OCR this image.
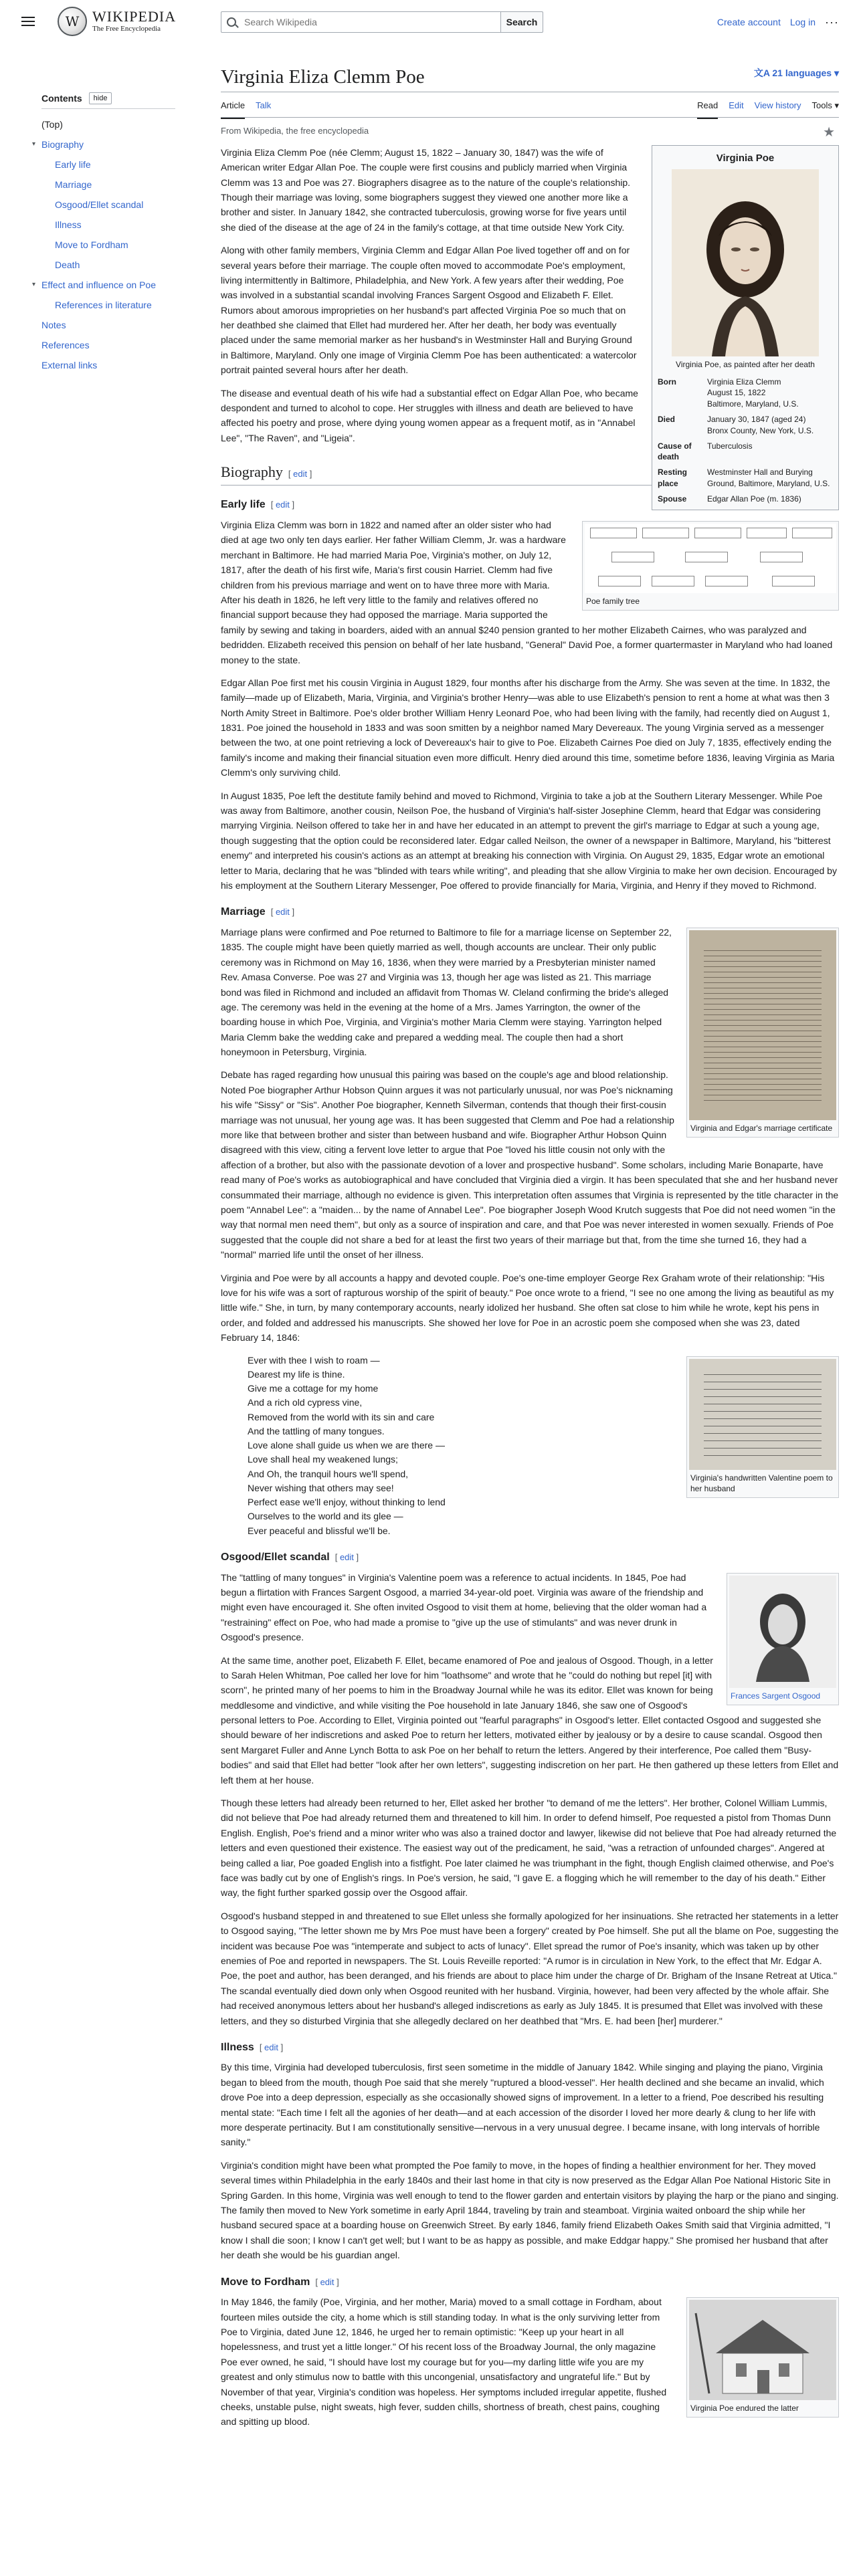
W WIKIPEDIA
The Free Encyclopedia
Search Wikipedia
Search	Create account Log in ···
Contents	hide
(Top)
▾ Biography
Early life
Marriage
Osgood/Ellet scandal
Illness
Move to Fordham
Death
▾ Effect and influence on Poe
References in literature
Notes
References
External links
Virginia Eliza Clemm Poe	文A 21 languages ▾
Article Talk	Read Edit View history Tools ▾
From Wikipedia, the free encyclopedia	★
Virginia Poe
Virginia Poe, as painted after her death
Born	Virginia Eliza Clemm
August 15, 1822
Baltimore, Maryland, U.S.
Died	January 30, 1847 (aged 24)
Bronx County, New York, U.S.
Cause of death	Tuberculosis
Resting place	Westminster Hall and Burying Ground, Baltimore, Maryland, U.S.
Spouse	Edgar Allan Poe (m. 1836)

Virginia Eliza Clemm Poe (née Clemm; August 15, 1822 – January 30, 1847) was the wife of American writer Edgar Allan Poe. The couple were first cousins and publicly married when Virginia Clemm was 13 and Poe was 27. Biographers disagree as to the nature of the couple's relationship. Though their marriage was loving, some biographers suggest they viewed one another more like a brother and sister. In January 1842, she contracted tuberculosis, growing worse for five years until she died of the disease at the age of 24 in the family's cottage, at that time outside New York City.

Along with other family members, Virginia Clemm and Edgar Allan Poe lived together off and on for several years before their marriage. The couple often moved to accommodate Poe's employment, living intermittently in Baltimore, Philadelphia, and New York. A few years after their wedding, Poe was involved in a substantial scandal involving Frances Sargent Osgood and Elizabeth F. Ellet. Rumors about amorous improprieties on her husband's part affected Virginia Poe so much that on her deathbed she claimed that Ellet had murdered her. After her death, her body was eventually placed under the same memorial marker as her husband's in Westminster Hall and Burying Ground in Baltimore, Maryland. Only one image of Virginia Clemm Poe has been authenticated: a watercolor portrait painted several hours after her death.

The disease and eventual death of his wife had a substantial effect on Edgar Allan Poe, who became despondent and turned to alcohol to cope. Her struggles with illness and death are believed to have affected his poetry and prose, where dying young women appear as a frequent motif, as in "Annabel Lee", "The Raven", and "Ligeia".

Biography [ edit ]
Early life [ edit ]
Poe family tree

Virginia Eliza Clemm was born in 1822 and named after an older sister who had died at age two only ten days earlier. Her father William Clemm, Jr. was a hardware merchant in Baltimore. He had married Maria Poe, Virginia's mother, on July 12, 1817, after the death of his first wife, Maria's first cousin Harriet. Clemm had five children from his previous marriage and went on to have three more with Maria. After his death in 1826, he left very little to the family and relatives offered no financial support because they had opposed the marriage. Maria supported the family by sewing and taking in boarders, aided with an annual $240 pension granted to her mother Elizabeth Cairnes, who was paralyzed and bedridden. Elizabeth received this pension on behalf of her late husband, "General" David Poe, a former quartermaster in Maryland who had loaned money to the state.

Edgar Allan Poe first met his cousin Virginia in August 1829, four months after his discharge from the Army. She was seven at the time. In 1832, the family—made up of Elizabeth, Maria, Virginia, and Virginia's brother Henry—was able to use Elizabeth's pension to rent a home at what was then 3 North Amity Street in Baltimore. Poe's older brother William Henry Leonard Poe, who had been living with the family, had recently died on August 1, 1831. Poe joined the household in 1833 and was soon smitten by a neighbor named Mary Devereaux. The young Virginia served as a messenger between the two, at one point retrieving a lock of Devereaux's hair to give to Poe. Elizabeth Cairnes Poe died on July 7, 1835, effectively ending the family's income and making their financial situation even more difficult. Henry died around this time, sometime before 1836, leaving Virginia as Maria Clemm's only surviving child.

In August 1835, Poe left the destitute family behind and moved to Richmond, Virginia to take a job at the Southern Literary Messenger. While Poe was away from Baltimore, another cousin, Neilson Poe, the husband of Virginia's half-sister Josephine Clemm, heard that Edgar was considering marrying Virginia. Neilson offered to take her in and have her educated in an attempt to prevent the girl's marriage to Edgar at such a young age, though suggesting that the option could be reconsidered later. Edgar called Neilson, the owner of a newspaper in Baltimore, Maryland, his "bitterest enemy" and interpreted his cousin's actions as an attempt at breaking his connection with Virginia. On August 29, 1835, Edgar wrote an emotional letter to Maria, declaring that he was "blinded with tears while writing", and pleading that she allow Virginia to make her own decision. Encouraged by his employment at the Southern Literary Messenger, Poe offered to provide financially for Maria, Virginia, and Henry if they moved to Richmond.

Marriage [ edit ]
Virginia and Edgar's marriage certificate

Marriage plans were confirmed and Poe returned to Baltimore to file for a marriage license on September 22, 1835. The couple might have been quietly married as well, though accounts are unclear. Their only public ceremony was in Richmond on May 16, 1836, when they were married by a Presbyterian minister named Rev. Amasa Converse. Poe was 27 and Virginia was 13, though her age was listed as 21. This marriage bond was filed in Richmond and included an affidavit from Thomas W. Cleland confirming the bride's alleged age. The ceremony was held in the evening at the home of a Mrs. James Yarrington, the owner of the boarding house in which Poe, Virginia, and Virginia's mother Maria Clemm were staying. Yarrington helped Maria Clemm bake the wedding cake and prepared a wedding meal. The couple then had a short honeymoon in Petersburg, Virginia.

Debate has raged regarding how unusual this pairing was based on the couple's age and blood relationship. Noted Poe biographer Arthur Hobson Quinn argues it was not particularly unusual, nor was Poe's nicknaming his wife "Sissy" or "Sis". Another Poe biographer, Kenneth Silverman, contends that though their first-cousin marriage was not unusual, her young age was. It has been suggested that Clemm and Poe had a relationship more like that between brother and sister than between husband and wife. Biographer Arthur Hobson Quinn disagreed with this view, citing a fervent love letter to argue that Poe "loved his little cousin not only with the affection of a brother, but also with the passionate devotion of a lover and prospective husband". Some scholars, including Marie Bonaparte, have read many of Poe's works as autobiographical and have concluded that Virginia died a virgin. It has been speculated that she and her husband never consummated their marriage, although no evidence is given. This interpretation often assumes that Virginia is represented by the title character in the poem "Annabel Lee": a "maiden... by the name of Annabel Lee". Poe biographer Joseph Wood Krutch suggests that Poe did not need women "in the way that normal men need them", but only as a source of inspiration and care, and that Poe was never interested in women sexually. Friends of Poe suggested that the couple did not share a bed for at least the first two years of their marriage but that, from the time she turned 16, they had a "normal" married life until the onset of her illness.

Virginia and Poe were by all accounts a happy and devoted couple. Poe's one-time employer George Rex Graham wrote of their relationship: "His love for his wife was a sort of rapturous worship of the spirit of beauty." Poe once wrote to a friend, "I see no one among the living as beautiful as my little wife." She, in turn, by many contemporary accounts, nearly idolized her husband. She often sat close to him while he wrote, kept his pens in order, and folded and addressed his manuscripts. She showed her love for Poe in an acrostic poem she composed when she was 23, dated February 14, 1846:

Virginia's handwritten Valentine poem to her husband
Ever with thee I wish to roam —
Dearest my life is thine.
Give me a cottage for my home
And a rich old cypress vine,
Removed from the world with its sin and care
And the tattling of many tongues.
Love alone shall guide us when we are there —
Love shall heal my weakened lungs;
And Oh, the tranquil hours we'll spend,
Never wishing that others may see!
Perfect ease we'll enjoy, without thinking to lend
Ourselves to the world and its glee —
Ever peaceful and blissful we'll be.
Osgood/Ellet scandal [ edit ]
Frances Sargent Osgood

The "tattling of many tongues" in Virginia's Valentine poem was a reference to actual incidents. In 1845, Poe had begun a flirtation with Frances Sargent Osgood, a married 34-year-old poet. Virginia was aware of the friendship and might even have encouraged it. She often invited Osgood to visit them at home, believing that the older woman had a "restraining" effect on Poe, who had made a promise to "give up the use of stimulants" and was never drunk in Osgood's presence.

At the same time, another poet, Elizabeth F. Ellet, became enamored of Poe and jealous of Osgood. Though, in a letter to Sarah Helen Whitman, Poe called her love for him "loathsome" and wrote that he "could do nothing but repel [it] with scorn", he printed many of her poems to him in the Broadway Journal while he was its editor. Ellet was known for being meddlesome and vindictive, and while visiting the Poe household in late January 1846, she saw one of Osgood's personal letters to Poe. According to Ellet, Virginia pointed out "fearful paragraphs" in Osgood's letter. Ellet contacted Osgood and suggested she should beware of her indiscretions and asked Poe to return her letters, motivated either by jealousy or by a desire to cause scandal. Osgood then sent Margaret Fuller and Anne Lynch Botta to ask Poe on her behalf to return the letters. Angered by their interference, Poe called them "Busy-bodies" and said that Ellet had better "look after her own letters", suggesting indiscretion on her part. He then gathered up these letters from Ellet and left them at her house.

Though these letters had already been returned to her, Ellet asked her brother "to demand of me the letters". Her brother, Colonel William Lummis, did not believe that Poe had already returned them and threatened to kill him. In order to defend himself, Poe requested a pistol from Thomas Dunn English. English, Poe's friend and a minor writer who was also a trained doctor and lawyer, likewise did not believe that Poe had already returned the letters and even questioned their existence. The easiest way out of the predicament, he said, "was a retraction of unfounded charges". Angered at being called a liar, Poe goaded English into a fistfight. Poe later claimed he was triumphant in the fight, though English claimed otherwise, and Poe's face was badly cut by one of English's rings. In Poe's version, he said, "I gave E. a flogging which he will remember to the day of his death." Either way, the fight further sparked gossip over the Osgood affair.

Osgood's husband stepped in and threatened to sue Ellet unless she formally apologized for her insinuations. She retracted her statements in a letter to Osgood saying, "The letter shown me by Mrs Poe must have been a forgery" created by Poe himself. She put all the blame on Poe, suggesting the incident was because Poe was "intemperate and subject to acts of lunacy". Ellet spread the rumor of Poe's insanity, which was taken up by other enemies of Poe and reported in newspapers. The St. Louis Reveille reported: "A rumor is in circulation in New York, to the effect that Mr. Edgar A. Poe, the poet and author, has been deranged, and his friends are about to place him under the charge of Dr. Brigham of the Insane Retreat at Utica." The scandal eventually died down only when Osgood reunited with her husband. Virginia, however, had been very affected by the whole affair. She had received anonymous letters about her husband's alleged indiscretions as early as July 1845. It is presumed that Ellet was involved with these letters, and they so disturbed Virginia that she allegedly declared on her deathbed that "Mrs. E. had been [her] murderer."

Illness [ edit ]

By this time, Virginia had developed tuberculosis, first seen sometime in the middle of January 1842. While singing and playing the piano, Virginia began to bleed from the mouth, though Poe said that she merely "ruptured a blood-vessel". Her health declined and she became an invalid, which drove Poe into a deep depression, especially as she occasionally showed signs of improvement. In a letter to a friend, Poe described his resulting mental state: "Each time I felt all the agonies of her death—and at each accession of the disorder I loved her more dearly & clung to her life with more desperate pertinacity. But I am constitutionally sensitive—nervous in a very unusual degree. I became insane, with long intervals of horrible sanity."

Virginia's condition might have been what prompted the Poe family to move, in the hopes of finding a healthier environment for her. They moved several times within Philadelphia in the early 1840s and their last home in that city is now preserved as the Edgar Allan Poe National Historic Site in Spring Garden. In this home, Virginia was well enough to tend to the flower garden and entertain visitors by playing the harp or the piano and singing. The family then moved to New York sometime in early April 1844, traveling by train and steamboat. Virginia waited onboard the ship while her husband secured space at a boarding house on Greenwich Street. By early 1846, family friend Elizabeth Oakes Smith said that Virginia admitted, "I know I shall die soon; I know I can't get well; but I want to be as happy as possible, and make Eddgar happy." She promised her husband that after her death she would be his guardian angel.

Move to Fordham [ edit ]
Virginia Poe endured the latter

In May 1846, the family (Poe, Virginia, and her mother, Maria) moved to a small cottage in Fordham, about fourteen miles outside the city, a home which is still standing today. In what is the only surviving letter from Poe to Virginia, dated June 12, 1846, he urged her to remain optimistic: "Keep up your heart in all hopelessness, and trust yet a little longer." Of his recent loss of the Broadway Journal, the only magazine Poe ever owned, he said, "I should have lost my courage but for you—my darling little wife you are my greatest and only stimulus now to battle with this uncongenial, unsatisfactory and ungrateful life." But by November of that year, Virginia's condition was hopeless. Her symptoms included irregular appetite, flushed cheeks, unstable pulse, night sweats, high fever, sudden chills, shortness of breath, chest pains, coughing and spitting up blood.
